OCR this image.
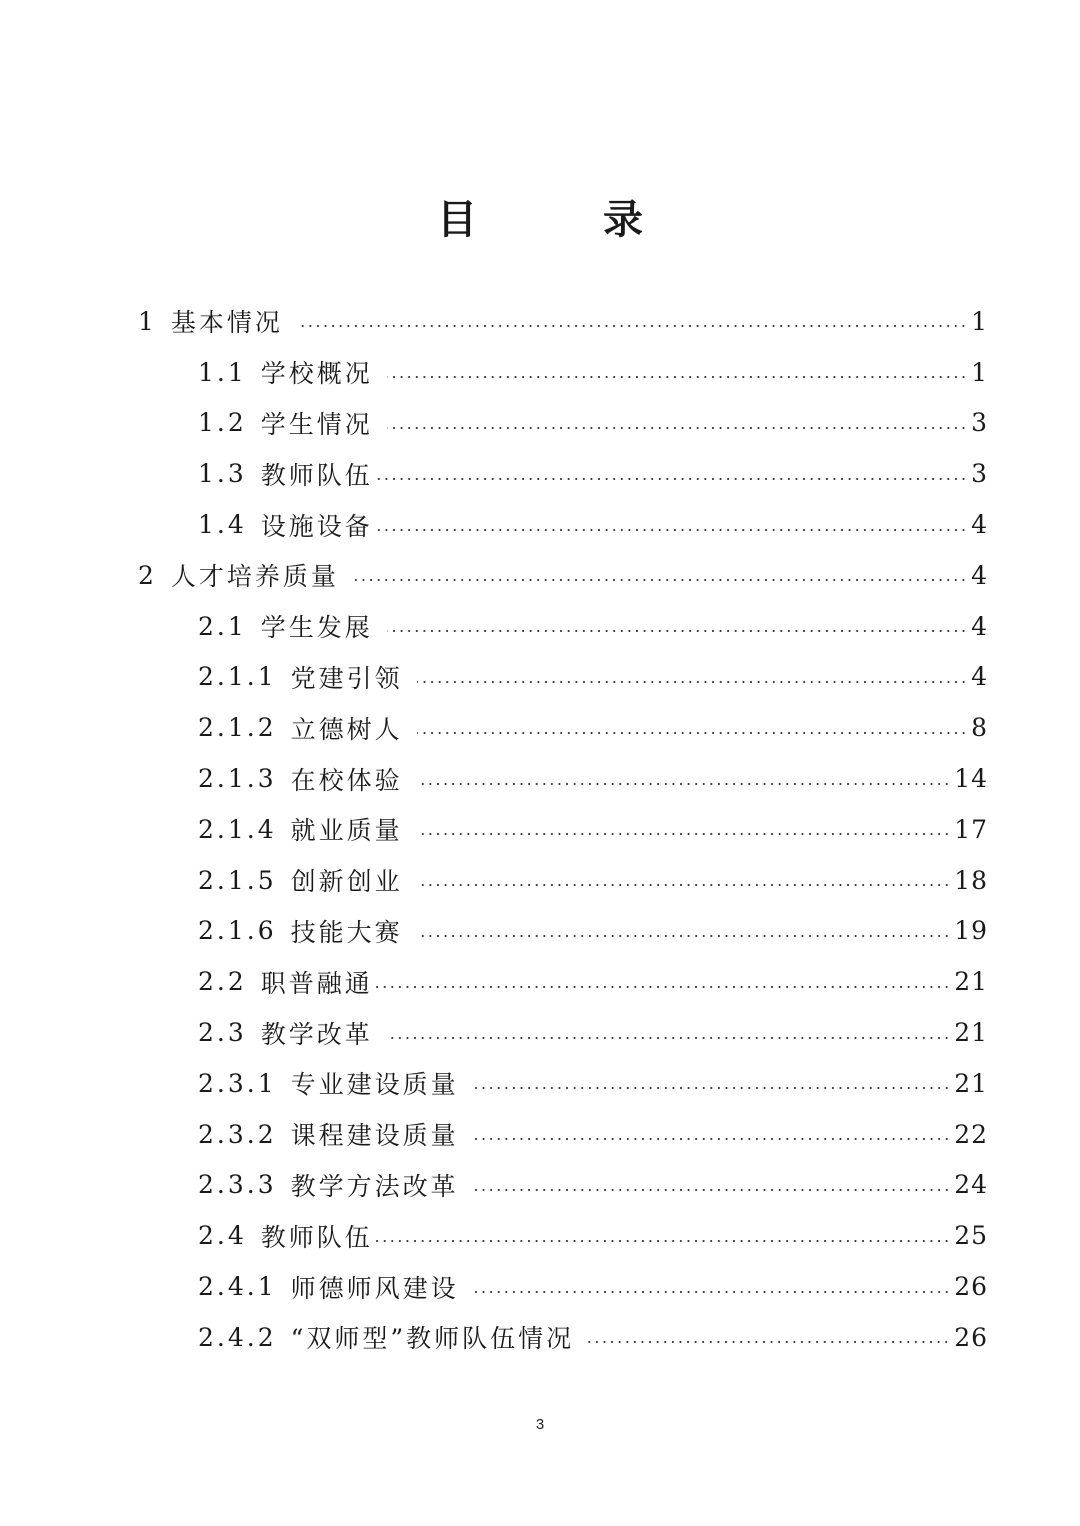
目 录
1 基本情况	1
1.1 学校概况	1
1.2 学生情况	3
1.3 教师队伍	3
1.4 设施设备	4
2 人才培养质量	4
2.1 学生发展	4
2.1.1 党建引领	4
2.1.2 立德树人	8
2.1.3 在校体验	14
2.1.4 就业质量	17
2.1.5 创新创业	18
2.1.6 技能大赛	19
2.2 职普融通	21
2.3 教学改革	21
2.3.1 专业建设质量	21
2.3.2 课程建设质量	22
2.3.3 教学方法改革	24
2.4 教师队伍	25
2.4.1 师德师风建设	26
2.4.2 “双师型”教师队伍情况	26
3
